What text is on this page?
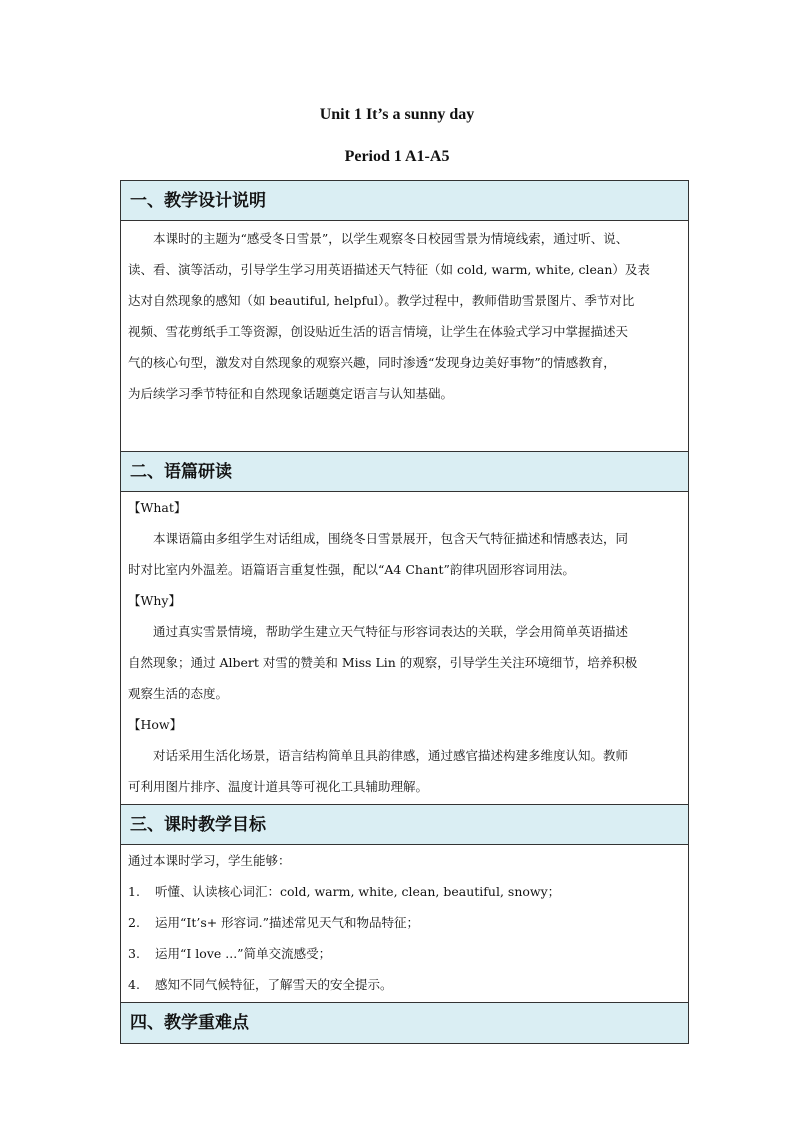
Unit 1 It’s a sunny day
Period 1 A1-A5
一、教学设计说明
本课时的主题为“感受冬日雪景”，以学生观察冬日校园雪景为情境线索，通过听、说、
读、看、演等活动，引导学生学习用英语描述天气特征（如 cold, warm, white, clean）及表
达对自然现象的感知（如 beautiful, helpful）。教学过程中，教师借助雪景图片、季节对比
视频、雪花剪纸手工等资源，创设贴近生活的语言情境，让学生在体验式学习中掌握描述天
气的核心句型，激发对自然现象的观察兴趣，同时渗透“发现身边美好事物”的情感教育，
为后续学习季节特征和自然现象话题奠定语言与认知基础。
二、语篇研读
【What】
本课语篇由多组学生对话组成，围绕冬日雪景展开，包含天气特征描述和情感表达，同
时对比室内外温差。语篇语言重复性强，配以“A4 Chant”韵律巩固形容词用法。
【Why】
通过真实雪景情境，帮助学生建立天气特征与形容词表达的关联，学会用简单英语描述
自然现象；通过 Albert 对雪的赞美和 Miss Lin 的观察，引导学生关注环境细节，培养积极
观察生活的态度。
【How】
对话采用生活化场景，语言结构简单且具韵律感，通过感官描述构建多维度认知。教师
可利用图片排序、温度计道具等可视化工具辅助理解。
三、课时教学目标
通过本课时学习，学生能够：
1.	听懂、认读核心词汇：cold, warm, white, clean, beautiful, snowy；
2.	运用“It’s+ 形容词.”描述常见天气和物品特征；
3.	运用“I love ...”简单交流感受；
4.	感知不同气候特征，了解雪天的安全提示。
四、教学重难点
